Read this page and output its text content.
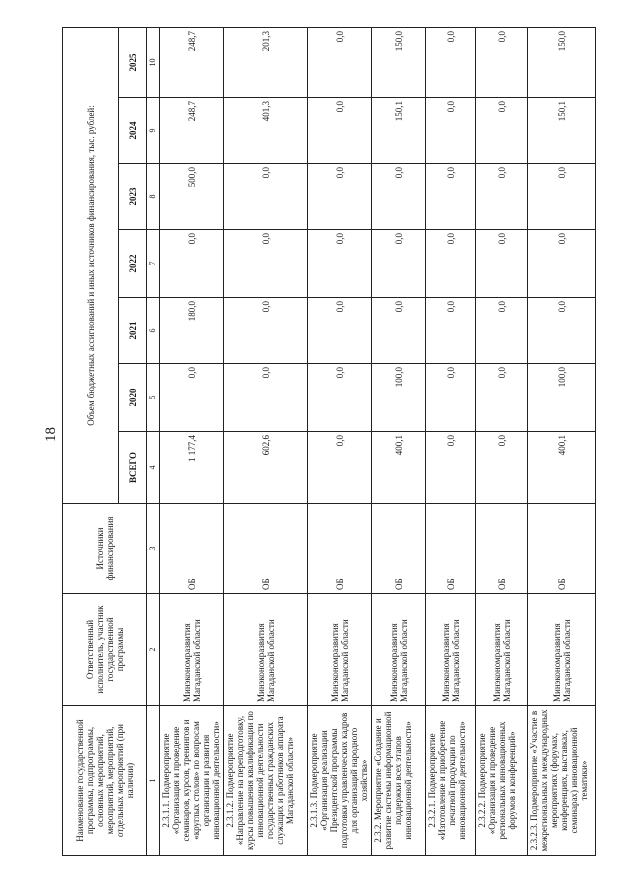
18
Наименование государственной программы, подпрограммы, основных мероприятий, мероприятий, мероприятий, отдельных мероприятий (при наличии)	Ответственный исполнитель, участник государственной программы	Источники финансирования	Объем бюджетных ассигнований и иных источников финансирования, тыс. рублей:						
			ВСЕГО	2020	2021	2022	2023	2024	2025
1	2	3	4	5	6	7	8	9	10
2.3.1.1. Подмероприятие «Организация и проведение семинаров, курсов, тренингов и «круглых столов» по вопросам организации и развития инновационной деятельности»	Минэкономразвития Магаданской области	ОБ	1 177,4	0,0	180,0	0,0	500,0	248,7	248,7
2.3.1.2. Подмероприятие «Направление на переподготовку, курсы повышения квалификации по инновационной деятельности государственных гражданских служащих и работников аппарата Магаданской области»	Минэкономразвития Магаданской области	ОБ	602,6	0,0	0,0	0,0	0,0	401,3	201,3
2.3.1.3. Подмероприятие «Организация реализации Президентской программы подготовки управленческих кадров для организаций народного хозяйства»	Минэкономразвития Магаданской области	ОБ	0,0	0,0	0,0	0,0	0,0	0,0	0,0
2.3.2. Мероприятие «Создание и развитие системы информационной поддержки всех этапов инновационной деятельности»	Минэкономразвития Магаданской области	ОБ	400,1	100,0	0,0	0,0	0,0	150,1	150,0
2.3.2.1. Подмероприятие «Изготовление и приобретение печатной продукции по инновационной деятельности»	Минэкономразвития Магаданской области	ОБ	0,0	0,0	0,0	0,0	0,0	0,0	0,0
2.3.2.2. Подмероприятие «Организация и проведение региональных инновационных форумов и конференций»	Минэкономразвития Магаданской области	ОБ	0,0	0,0	0,0	0,0	0,0	0,0	0,0
2.3.2.3. Подмероприятие «Участие в межрегиональных и международных мероприятиях (форумах, конференциях, выставках, семинарах) инновационной тематики»	Минэкономразвития Магаданской области	ОБ	400,1	100,0	0,0	0,0	0,0	150,1	150,0
